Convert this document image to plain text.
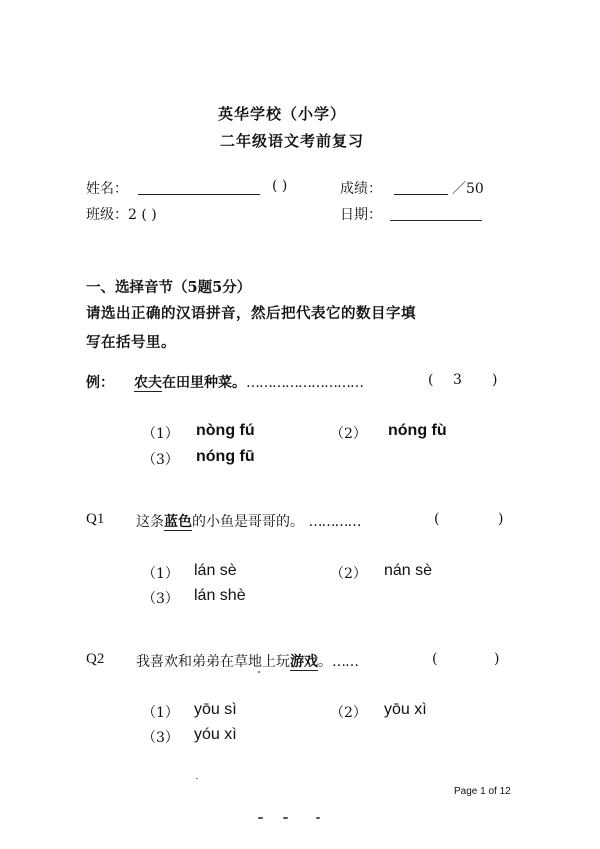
英华学校（小学）
二年级语文考前复习
姓名：	( )	成绩：	／50
班级：2 ( )	日期：
一、选择音节（5题5分）
请选出正确的汉语拼音，然后把代表它的数目字填
写在括号里。
例： 农夫在田里种菜。………………………	( 3 )
（1） nòng fú	（2） nóng fù
（3） nóng fū
Q1 这条蓝色的小鱼是哥哥的。 …………	(	)
（1） lán sè	（2） nán sè
（3） lán shè
Q2 我喜欢和弟弟在草地上玩游戏。……	(	)
（1） yōu sì	（2） yōu xì
（3） yóu xì
Page 1 of 12
